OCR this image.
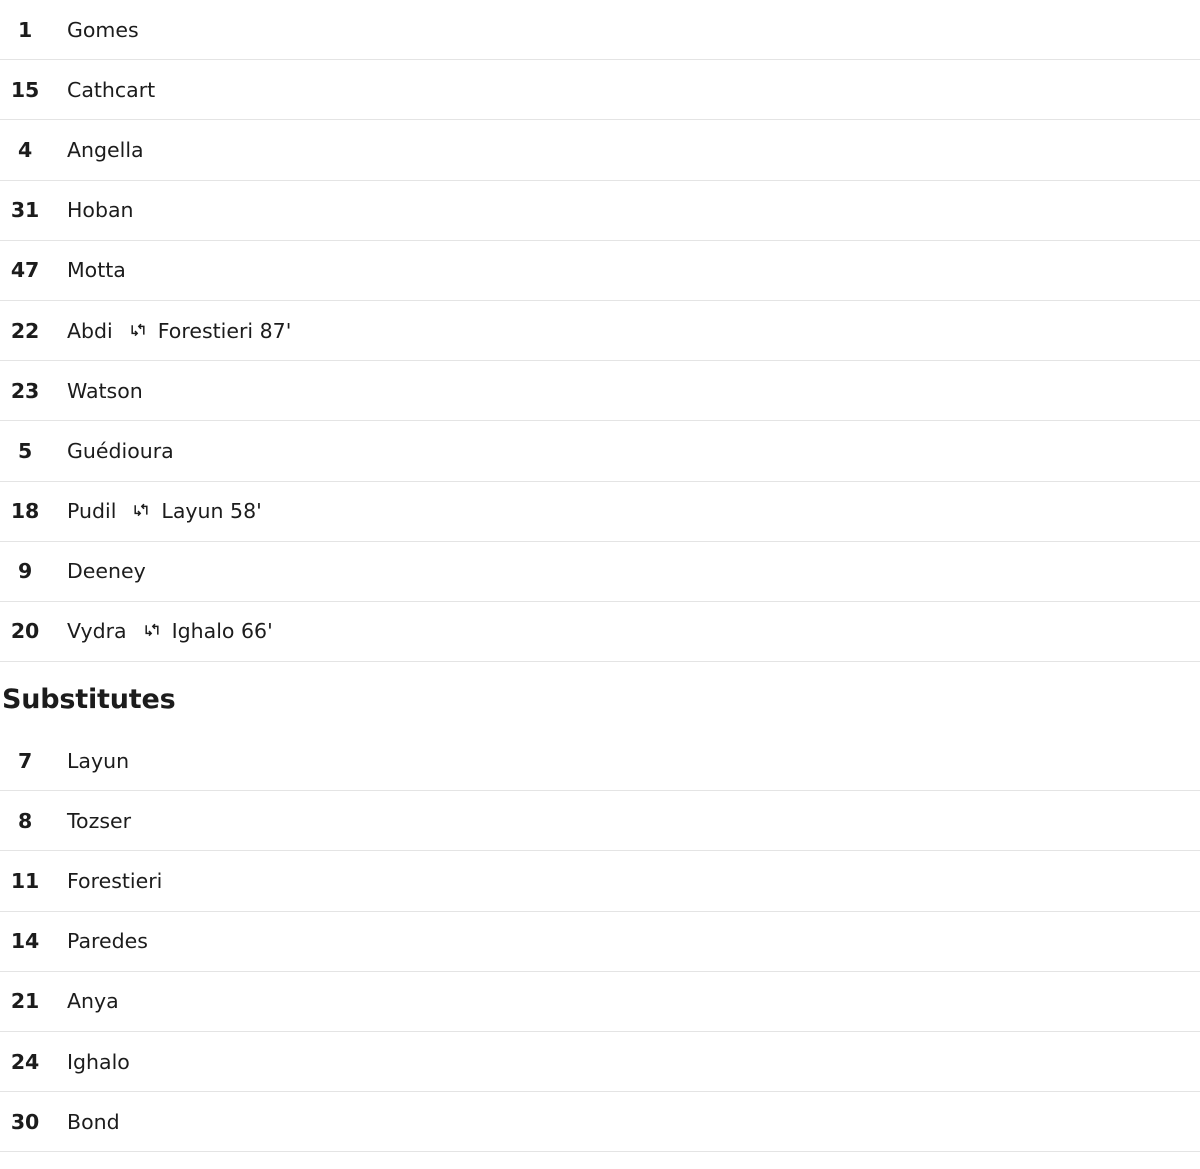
1	Gomes
15	Cathcart
4	Angella
31	Hoban
47	Motta
22	Abdi Forestieri 87'
23	Watson
5	Guédioura
18	Pudil Layun 58'
9	Deeney
20	Vydra Ighalo 66'
Substitutes
7	Layun
8	Tozser
11	Forestieri
14	Paredes
21	Anya
24	Ighalo
30	Bond
